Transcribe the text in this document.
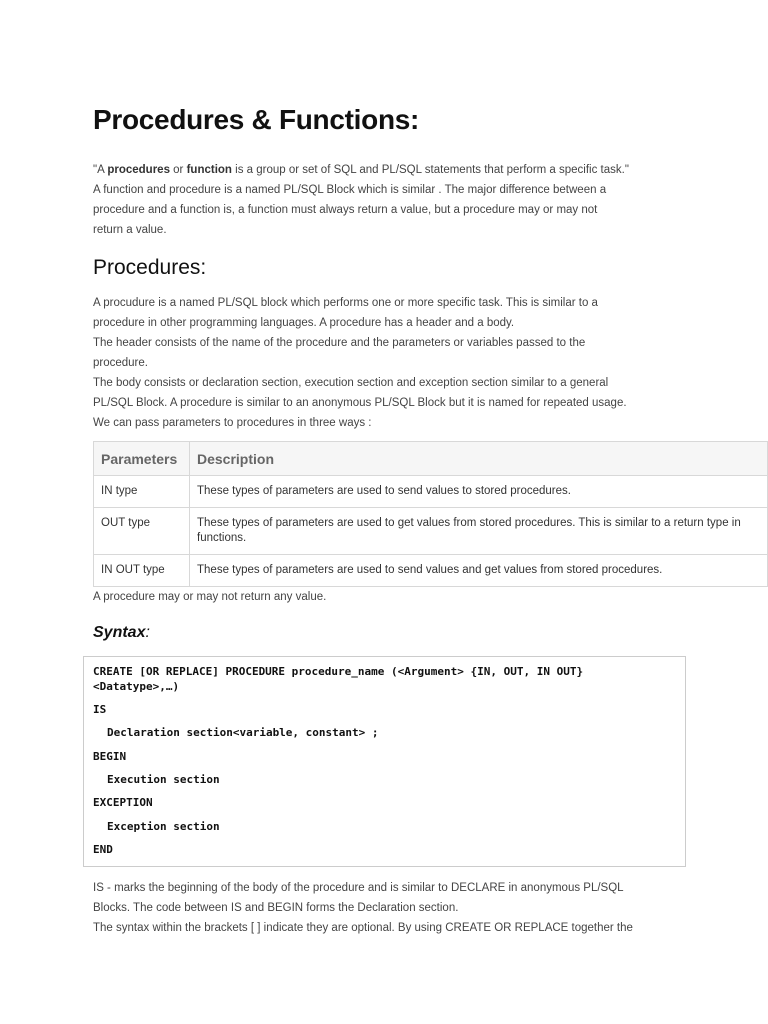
Procedures & Functions:

"A procedures or function is a group or set of SQL and PL/SQL statements that perform a specific task."
A function and procedure is a named PL/SQL Block which is similar . The major difference between a
procedure and a function is, a function must always return a value, but a procedure may or may not
return a value.

Procedures:

A procudure is a named PL/SQL block which performs one or more specific task. This is similar to a
procedure in other programming languages. A procedure has a header and a body.
The header consists of the name of the procedure and the parameters or variables passed to the
procedure.
The body consists or declaration section, execution section and exception section similar to a general
PL/SQL Block. A procedure is similar to an anonymous PL/SQL Block but it is named for repeated usage.
We can pass parameters to procedures in three ways :

Parameters	Description
IN type	These types of parameters are used to send values to stored procedures.
OUT type	These types of parameters are used to get values from stored procedures. This is similar to a return type in functions.
IN OUT type	These types of parameters are used to send values and get values from stored procedures.

A procedure may or may not return any value.

Syntax:
CREATE [OR REPLACE] PROCEDURE procedure_name (<Argument> {IN, OUT, IN OUT}
<Datatype>,…)
IS
Declaration section<variable, constant> ;
BEGIN
Execution section
EXCEPTION
Exception section
END

IS - marks the beginning of the body of the procedure and is similar to DECLARE in anonymous PL/SQL
Blocks. The code between IS and BEGIN forms the Declaration section.
The syntax within the brackets [ ] indicate they are optional. By using CREATE OR REPLACE together the
